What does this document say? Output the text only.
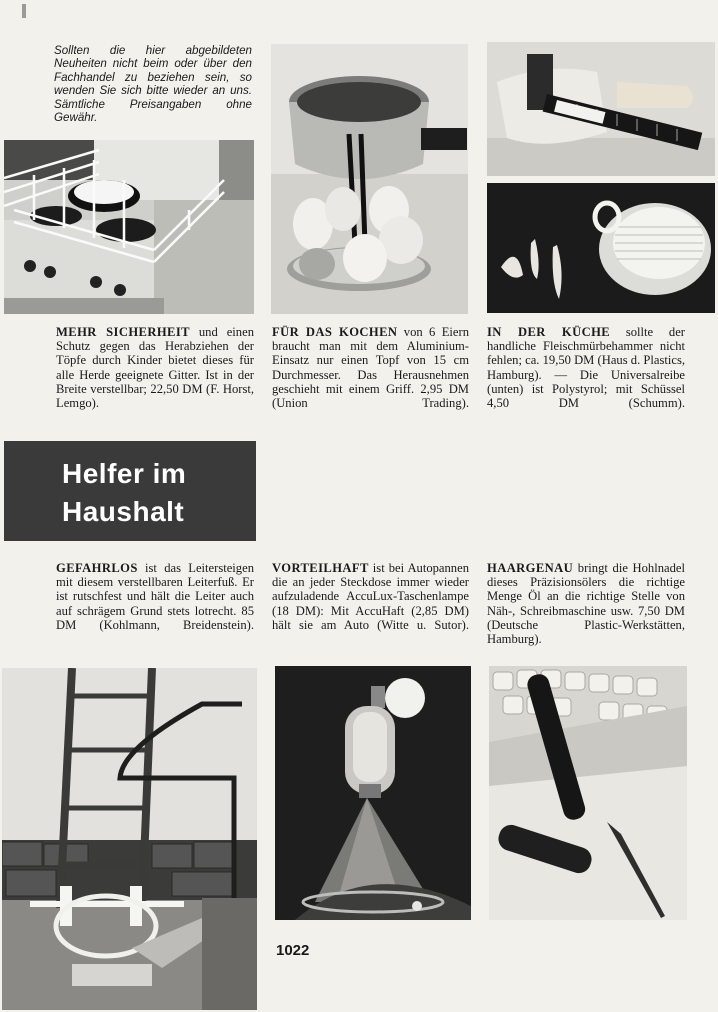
Sollten die hier abgebildeten Neuheiten nicht beim oder über den Fachhandel zu beziehen sein, so wenden Sie sich bitte wieder an uns. Sämtliche Preisangaben ohne Gewähr.
MEHR SICHERHEIT und einen Schutz gegen das Herabziehen der Töpfe durch Kinder bietet dieses für alle Herde geeignete Gitter. Ist in der Breite verstellbar; 22,50 DM (F. Horst, Lemgo).
FÜR DAS KOCHEN von 6 Eiern braucht man mit dem Aluminium-Einsatz nur einen Topf von 15 cm Durchmesser. Das Herausnehmen geschieht mit einem Griff. 2,95 DM (Union Trading).
IN DER KÜCHE sollte der handliche Fleischmürbehammer nicht fehlen; ca. 19,50 DM (Haus d. Plastics, Hamburg). — Die Universalreibe (unten) ist Polystyrol; mit Schüssel 4,50 DM (Schumm).
Helfer im
Haushalt
GEFAHRLOS ist das Leitersteigen mit diesem verstellbaren Leiterfuß. Er ist rutschfest und hält die Leiter auch auf schrägem Grund stets lotrecht. 85 DM (Kohlmann, Breidenstein).
VORTEILHAFT ist bei Autopannen die an jeder Steckdose immer wieder aufzuladende AccuLux-Taschenlampe (18 DM): Mit AccuHaft (2,85 DM) hält sie am Auto (Witte u. Sutor).
HAARGENAU bringt die Hohlnadel dieses Präzisionsölers die richtige Menge Öl an die richtige Stelle von Näh-, Schreibmaschine usw. 7,50 DM (Deutsche Plastic-Werkstätten, Hamburg).
1022
